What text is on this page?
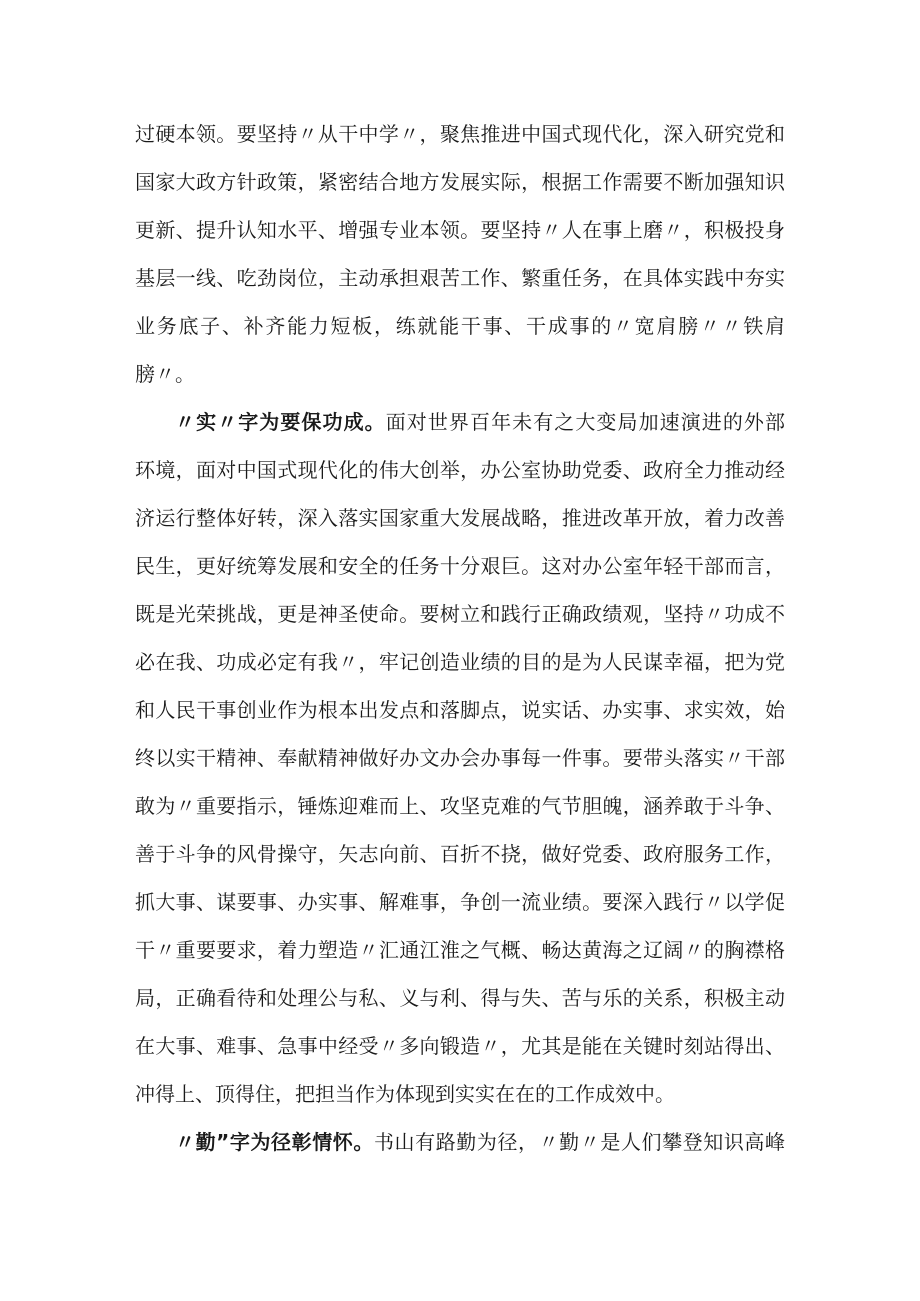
过硬本领。要坚持〃从干中学〃，聚焦推进中国式现代化，深入研究党和
国家大政方针政策，紧密结合地方发展实际，根据工作需要不断加强知识
更新、提升认知水平、增强专业本领。要坚持〃人在事上磨〃，积极投身
基层一线、吃劲岗位，主动承担艰苦工作、繁重任务，在具体实践中夯实
业务底子、补齐能力短板，练就能干事、干成事的〃宽肩膀〃〃铁肩
膀〃。
〃实〃字为要保功成。面对世界百年未有之大变局加速演进的外部
环境，面对中国式现代化的伟大创举，办公室协助党委、政府全力推动经
济运行整体好转，深入落实国家重大发展战略，推进改革开放，着力改善
民生，更好统筹发展和安全的任务十分艰巨。这对办公室年轻干部而言，
既是光荣挑战，更是神圣使命。要树立和践行正确政绩观，坚持〃功成不
必在我、功成必定有我〃，牢记创造业绩的目的是为人民谋幸福，把为党
和人民干事创业作为根本出发点和落脚点，说实话、办实事、求实效，始
终以实干精神、奉献精神做好办文办会办事每一件事。要带头落实〃干部
敢为〃重要指示，锤炼迎难而上、攻坚克难的气节胆魄，涵养敢于斗争、
善于斗争的风骨操守，矢志向前、百折不挠，做好党委、政府服务工作，
抓大事、谋要事、办实事、解难事，争创一流业绩。要深入践行〃以学促
干〃重要要求，着力塑造〃汇通江淮之气概、畅达黄海之辽阔〃的胸襟格
局，正确看待和处理公与私、义与利、得与失、苦与乐的关系，积极主动
在大事、难事、急事中经受〃多向锻造〃，尤其是能在关键时刻站得出、
冲得上、顶得住，把担当作为体现到实实在在的工作成效中。
〃勤”字为径彰情怀。书山有路勤为径，〃勤〃是人们攀登知识高峰
